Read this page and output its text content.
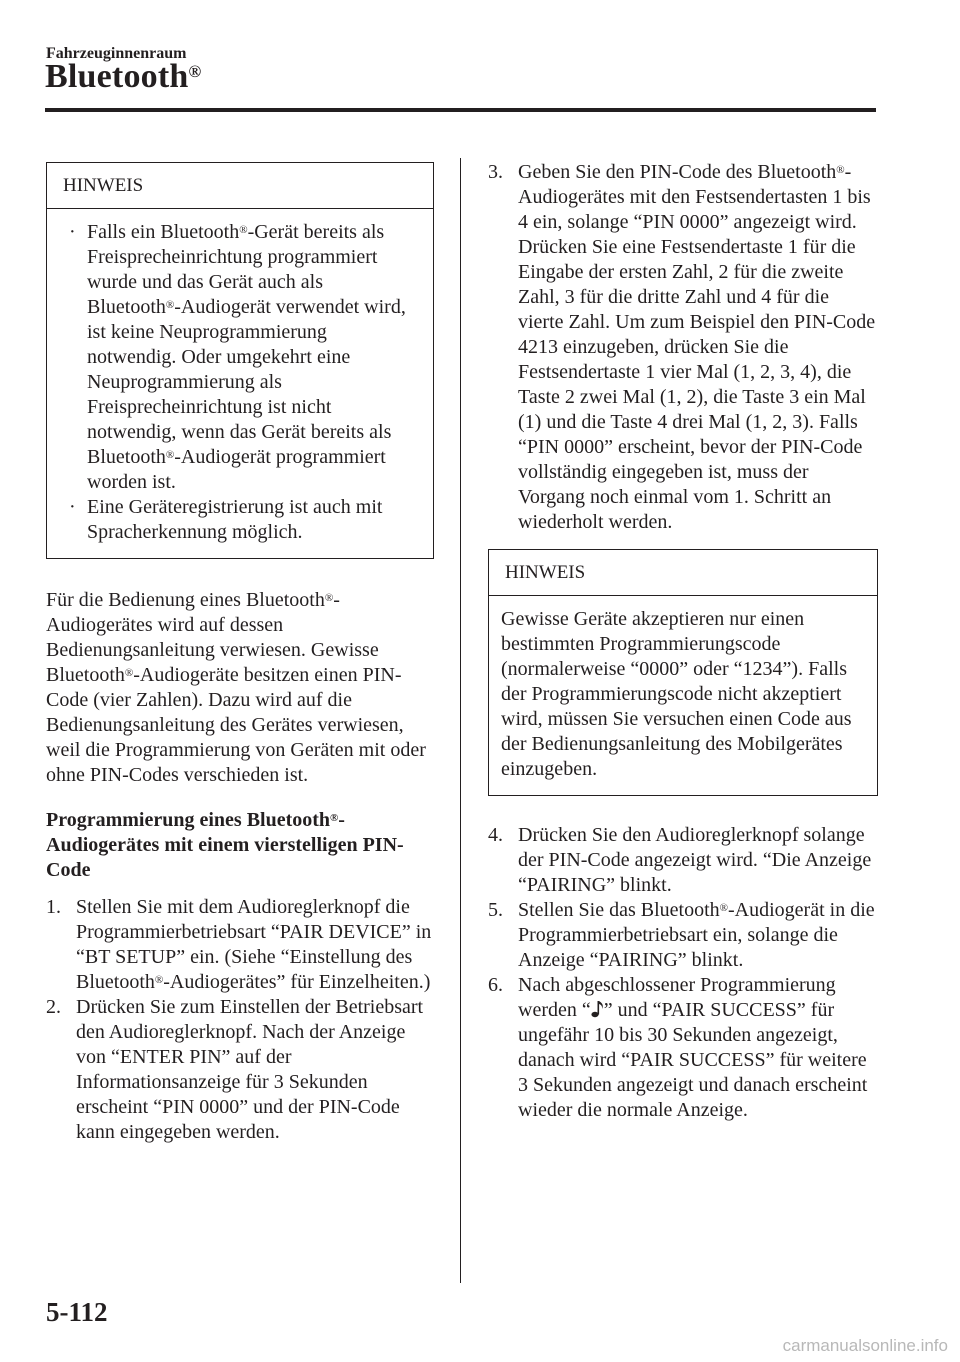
Fahrzeuginnenraum
Bluetooth®
HINWEIS
· Falls ein Bluetooth®-Gerät bereits als Freisprecheinrichtung programmiert wurde und das Gerät auch als Bluetooth®-Audiogerät verwendet wird, ist keine Neuprogrammierung notwendig. Oder umgekehrt eine Neuprogrammierung als Freisprecheinrichtung ist nicht notwendig, wenn das Gerät bereits als Bluetooth®-Audiogerät programmiert worden ist.
· Eine Geräteregistrierung ist auch mit Spracherkennung möglich.

Für die Bedienung eines Bluetooth®-Audiogerätes wird auf dessen Bedienungsanleitung verwiesen. Gewisse Bluetooth®-Audiogeräte besitzen einen PIN-Code (vier Zahlen). Dazu wird auf die Bedienungsanleitung des Gerätes verwiesen, weil die Programmierung von Geräten mit oder ohne PIN-Codes verschieden ist.

Programmierung eines Bluetooth®-Audiogerätes mit einem vierstelligen PIN-Code
1. Stellen Sie mit dem Audioreglerknopf die Programmierbetriebsart “PAIR DEVICE” in “BT SETUP” ein. (Siehe “Einstellung des Bluetooth®-Audiogerätes” für Einzelheiten.)
2. Drücken Sie zum Einstellen der Betriebsart den Audioreglerknopf. Nach der Anzeige von “ENTER PIN” auf der Informationsanzeige für 3 Sekunden erscheint “PIN 0000” und der PIN-Code kann eingegeben werden.
3. Geben Sie den PIN-Code des Bluetooth®-Audiogerätes mit den Festsendertasten 1 bis 4 ein, solange “PIN 0000” angezeigt wird. Drücken Sie eine Festsendertaste 1 für die Eingabe der ersten Zahl, 2 für die zweite Zahl, 3 für die dritte Zahl und 4 für die vierte Zahl. Um zum Beispiel den PIN-Code 4213 einzugeben, drücken Sie die Festsendertaste 1 vier Mal (1, 2, 3, 4), die Taste 2 zwei Mal (1, 2), die Taste 3 ein Mal (1) und die Taste 4 drei Mal (1, 2, 3). Falls “PIN 0000” erscheint, bevor der PIN-Code vollständig eingegeben ist, muss der Vorgang noch einmal vom 1. Schritt an wiederholt werden.
HINWEIS

Gewisse Geräte akzeptieren nur einen bestimmten Programmierungscode (normalerweise “0000” oder “1234”). Falls der Programmierungscode nicht akzeptiert wird, müssen Sie versuchen einen Code aus der Bedienungsanleitung des Mobilgerätes einzugeben.

4. Drücken Sie den Audioreglerknopf solange der PIN-Code angezeigt wird. “Die Anzeige “PAIRING” blinkt.
5. Stellen Sie das Bluetooth®-Audiogerät in die Programmierbetriebsart ein, solange die Anzeige “PAIRING” blinkt.
6. Nach abgeschlossener Programmierung werden “ ” und “PAIR SUCCESS” für ungefähr 10 bis 30 Sekunden angezeigt, danach wird “PAIR SUCCESS” für weitere 3 Sekunden angezeigt und danach erscheint wieder die normale Anzeige.
5-112
carmanualsonline.info
